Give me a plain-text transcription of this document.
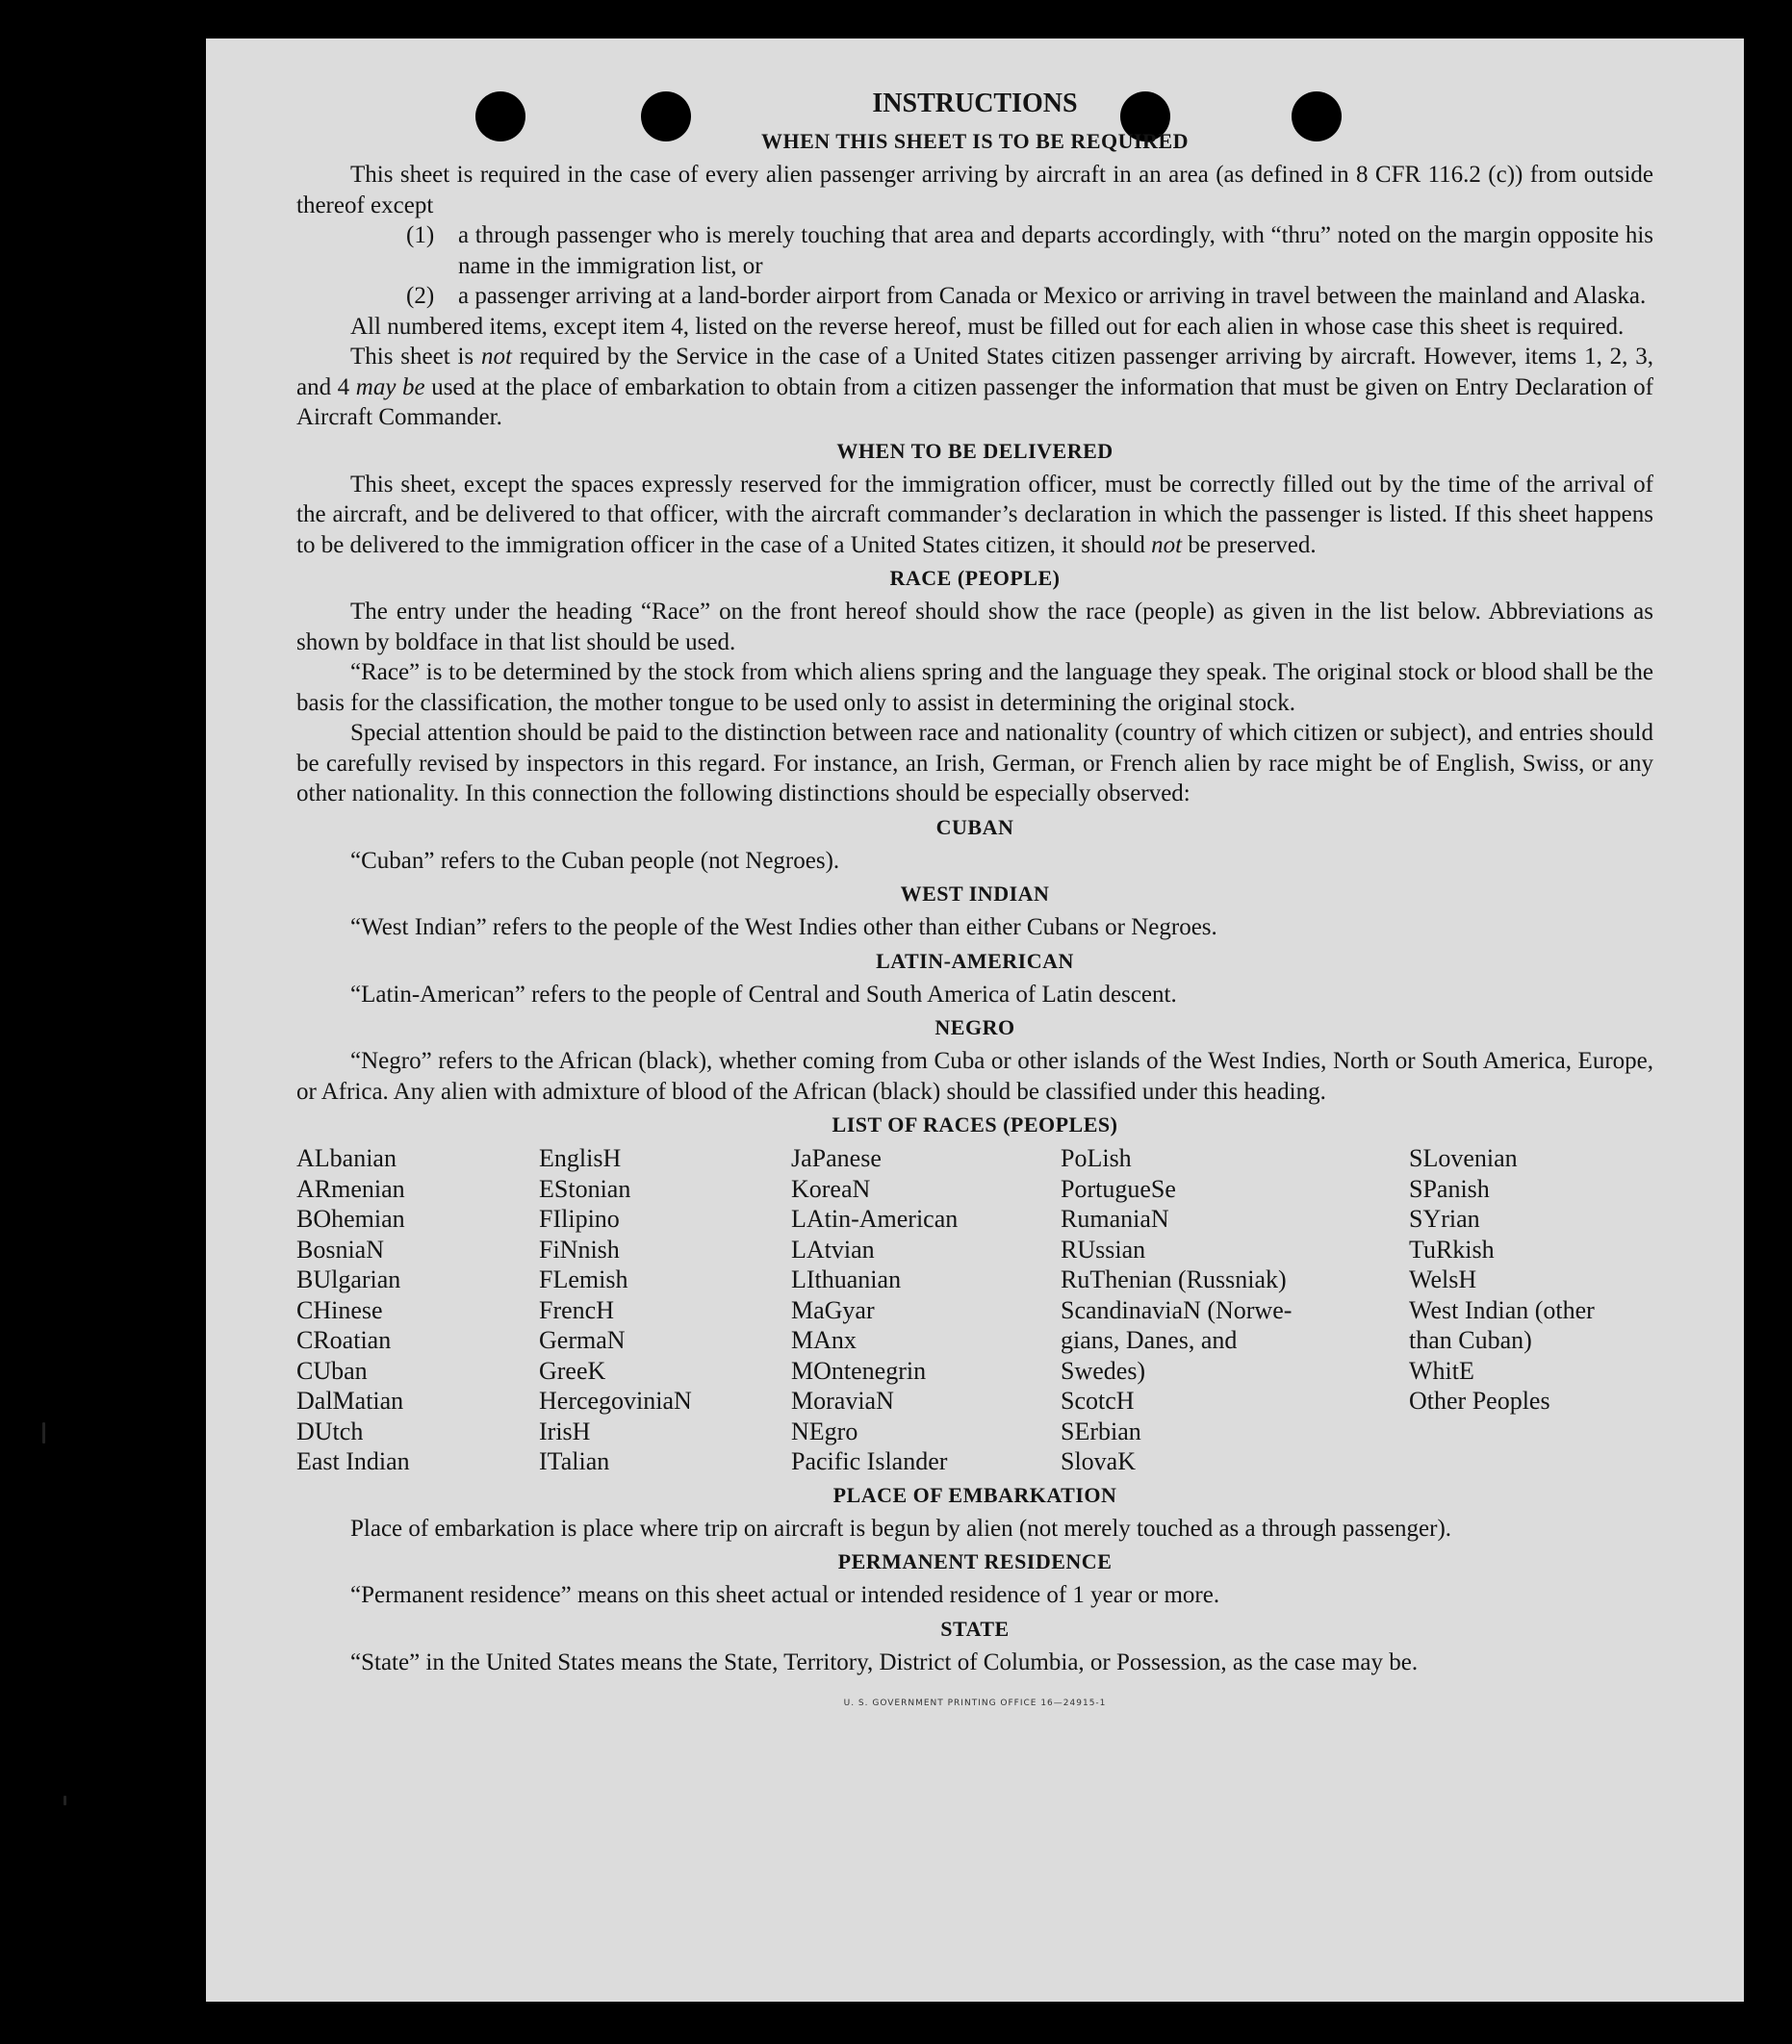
INSTRUCTIONS
WHEN THIS SHEET IS TO BE REQUIRED

This sheet is required in the case of every alien passenger arriving by aircraft in an area (as defined in 8 CFR 116.2 (c)) from outside thereof except

(1) a through passenger who is merely touching that area and departs accordingly, with “thru” noted on the margin opposite his name in the immigration list, or

(2) a passenger arriving at a land-border airport from Canada or Mexico or arriving in travel between the mainland and Alaska.

All numbered items, except item 4, listed on the reverse hereof, must be filled out for each alien in whose case this sheet is required.

This sheet is not required by the Service in the case of a United States citizen passenger arriving by aircraft. However, items 1, 2, 3, and 4 may be used at the place of embarkation to obtain from a citizen passenger the information that must be given on Entry Declaration of Aircraft Commander.

WHEN TO BE DELIVERED

This sheet, except the spaces expressly reserved for the immigration officer, must be correctly filled out by the time of the arrival of the aircraft, and be delivered to that officer, with the aircraft commander’s declaration in which the passenger is listed. If this sheet happens to be delivered to the immigration officer in the case of a United States citizen, it should not be preserved.

RACE (PEOPLE)

The entry under the heading “Race” on the front hereof should show the race (people) as given in the list below. Abbreviations as shown by boldface in that list should be used.

“Race” is to be determined by the stock from which aliens spring and the language they speak. The original stock or blood shall be the basis for the classification, the mother tongue to be used only to assist in determining the original stock.

Special attention should be paid to the distinction between race and nationality (country of which citizen or subject), and entries should be carefully revised by inspectors in this regard. For instance, an Irish, German, or French alien by race might be of English, Swiss, or any other nationality. In this connection the following distinctions should be especially observed:

CUBAN

“Cuban” refers to the Cuban people (not Negroes).

WEST INDIAN

“West Indian” refers to the people of the West Indies other than either Cubans or Negroes.

LATIN-AMERICAN

“Latin-American” refers to the people of Central and South America of Latin descent.

NEGRO

“Negro” refers to the African (black), whether coming from Cuba or other islands of the West Indies, North or South America, Europe, or Africa. Any alien with admixture of blood of the African (black) should be classified under this heading.

LIST OF RACES (PEOPLES)
ALbanian
ARmenian
BOhemian
BosniaN
BUlgarian
CHinese
CRoatian
CUban
DalMatian
DUtch
East Indian
EnglisH
EStonian
FIlipino
FiNnish
FLemish
FrencH
GermaN
GreeK
HercegoviniaN
IrisH
ITalian
JaPanese
KoreaN
LAtin-American
LAtvian
LIthuanian
MaGyar
MAnx
MOntenegrin
MoraviaN
NEgro
Pacific Islander
PoLish
PortugueSe
RumaniaN
RUssian
RuThenian (Russniak)
ScandinaviaN (Norwe-
gians, Danes, and
Swedes)
ScotcH
SErbian
SlovaK
SLovenian
SPanish
SYrian
TuRkish
WelsH
West Indian (other
than Cuban)
WhitE
Other Peoples
PLACE OF EMBARKATION

Place of embarkation is place where trip on aircraft is begun by alien (not merely touched as a through passenger).

PERMANENT RESIDENCE

“Permanent residence” means on this sheet actual or intended residence of 1 year or more.

STATE

“State” in the United States means the State, Territory, District of Columbia, or Possession, as the case may be.

U. S. GOVERNMENT PRINTING OFFICE 16—24915-1
